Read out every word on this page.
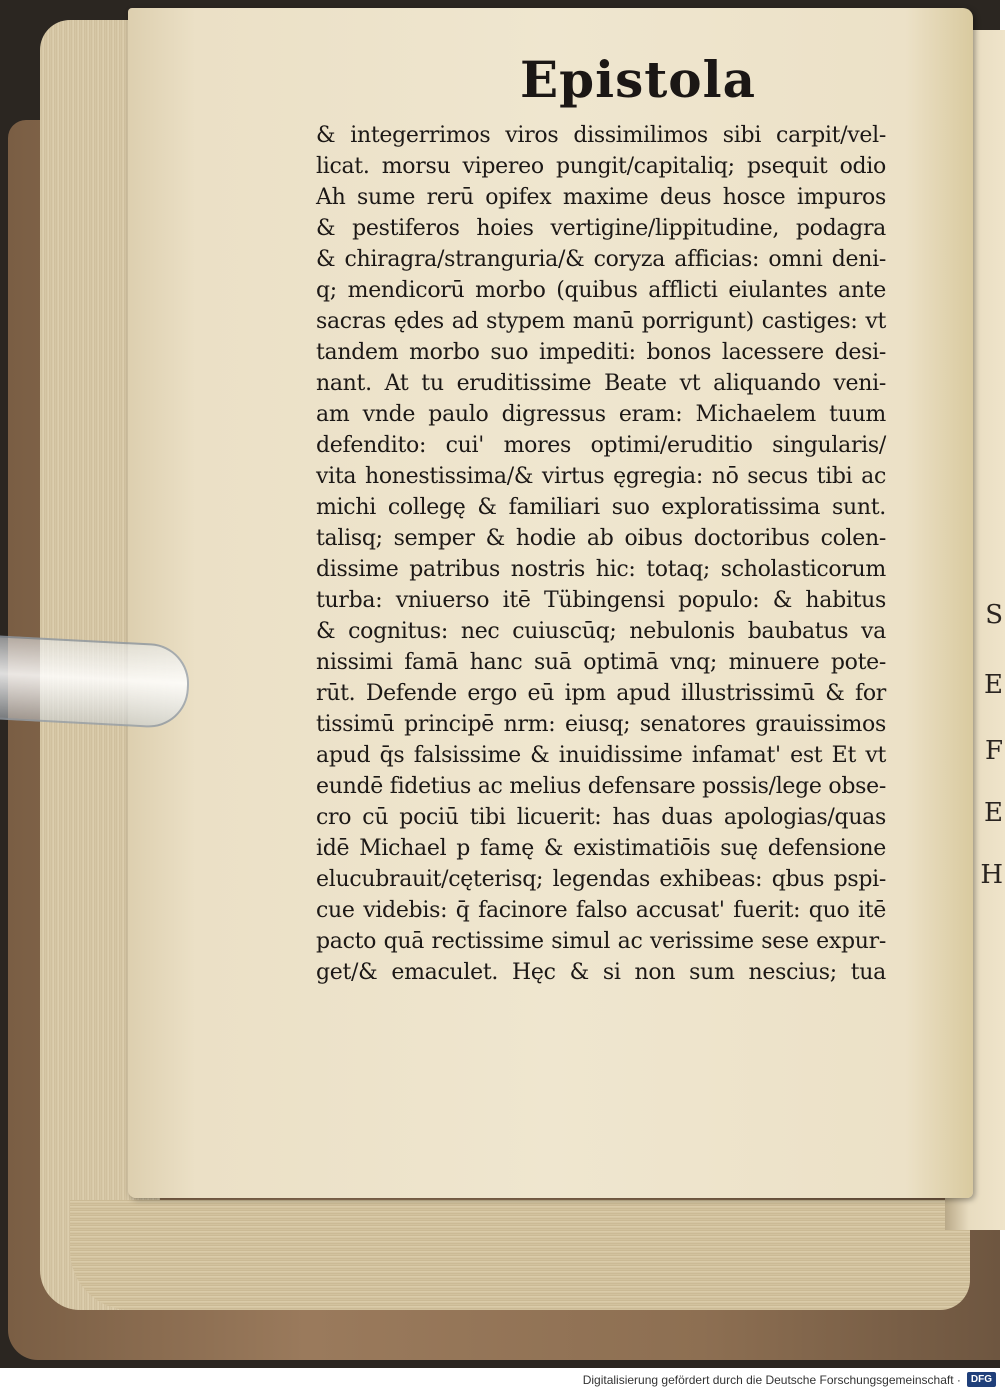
S
E
F
E
H
Epistola
& integerrimos viros dissimilimos sibi carpit/vel-
licat. morsu vipereo pungit/capitaliq; psequit odio
Ah sume rerū opifex maxime deus hosce impuros
& pestiferos hoies vertigine/lippitudine, podagra
& chiragra/stranguria/& coryza afficias: omni deni-
q; mendicorū morbo (quibus afflicti eiulantes ante
sacras ędes ad stypem manū porrigunt) castiges: vt
tandem morbo suo impediti: bonos lacessere desi-
nant. At tu eruditissime Beate vt aliquando veni-
am vnde paulo digressus eram: Michaelem tuum
defendito: cui' mores optimi/eruditio singularis/
vita honestissima/& virtus ęgregia: nō secus tibi ac
michi collegę & familiari suo exploratissima sunt.
talisq; semper & hodie ab oibus doctoribus colen-
dissime patribus nostris hic: totaq; scholasticorum
turba: vniuerso itē Tübingensi populo: & habitus
& cognitus: nec cuiuscūq; nebulonis baubatus va
nissimi famā hanc suā optimā vnq; minuere pote-
rūt. Defende ergo eū ipm apud illustrissimū & for
tissimū principē nrm: eiusq; senatores grauissimos
apud q̄s falsissime & inuidissime infamat' est Et vt
eundē fidetius ac melius defensare possis/lege obse-
cro cū pociū tibi licuerit: has duas apologias/quas
idē Michael p famę & existimatiōis suę defensione
elucubrauit/cęterisq; legendas exhibeas: qbus pspi-
cue videbis: q̄ facinore falso accusat' fuerit: quo itē
pacto quā rectissime simul ac verissime sese expur-
get/& emaculet. Hęc & si non sum nescius; tua
Digitalisierung gefördert durch die Deutsche Forschungsgemeinschaft ·	DFG
